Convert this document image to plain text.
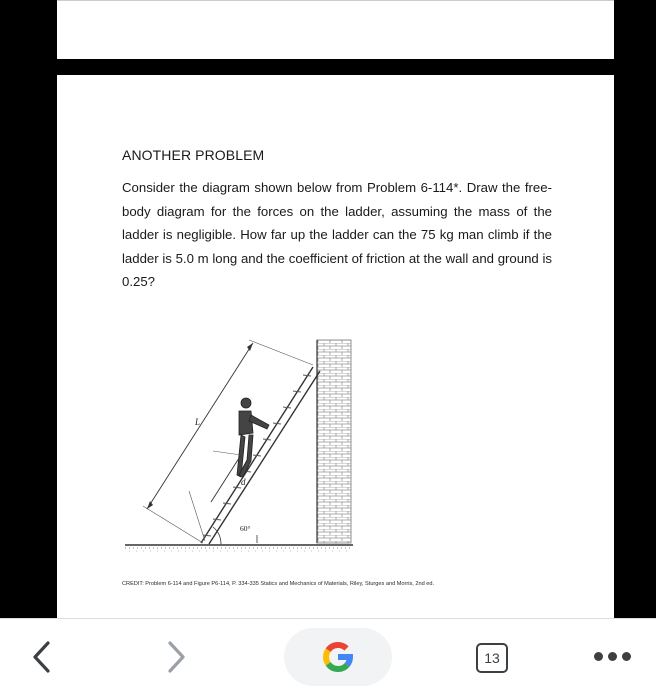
ANOTHER PROBLEM

Consider the diagram shown below from Problem 6-114*. Draw the free-body diagram for the forces on the ladder, assuming the mass of the ladder is negligible. How far up the ladder can the 75 kg man climb if the ladder is 5.0 m long and the coefficient of friction at the wall and ground is 0.25?

L
d
60°
CREDIT: Problem 6-114 and Figure P6-114, P. 334-335 Statics and Mechanics of Materials, Riley, Sturges and Morris, 2nd ed.
13
